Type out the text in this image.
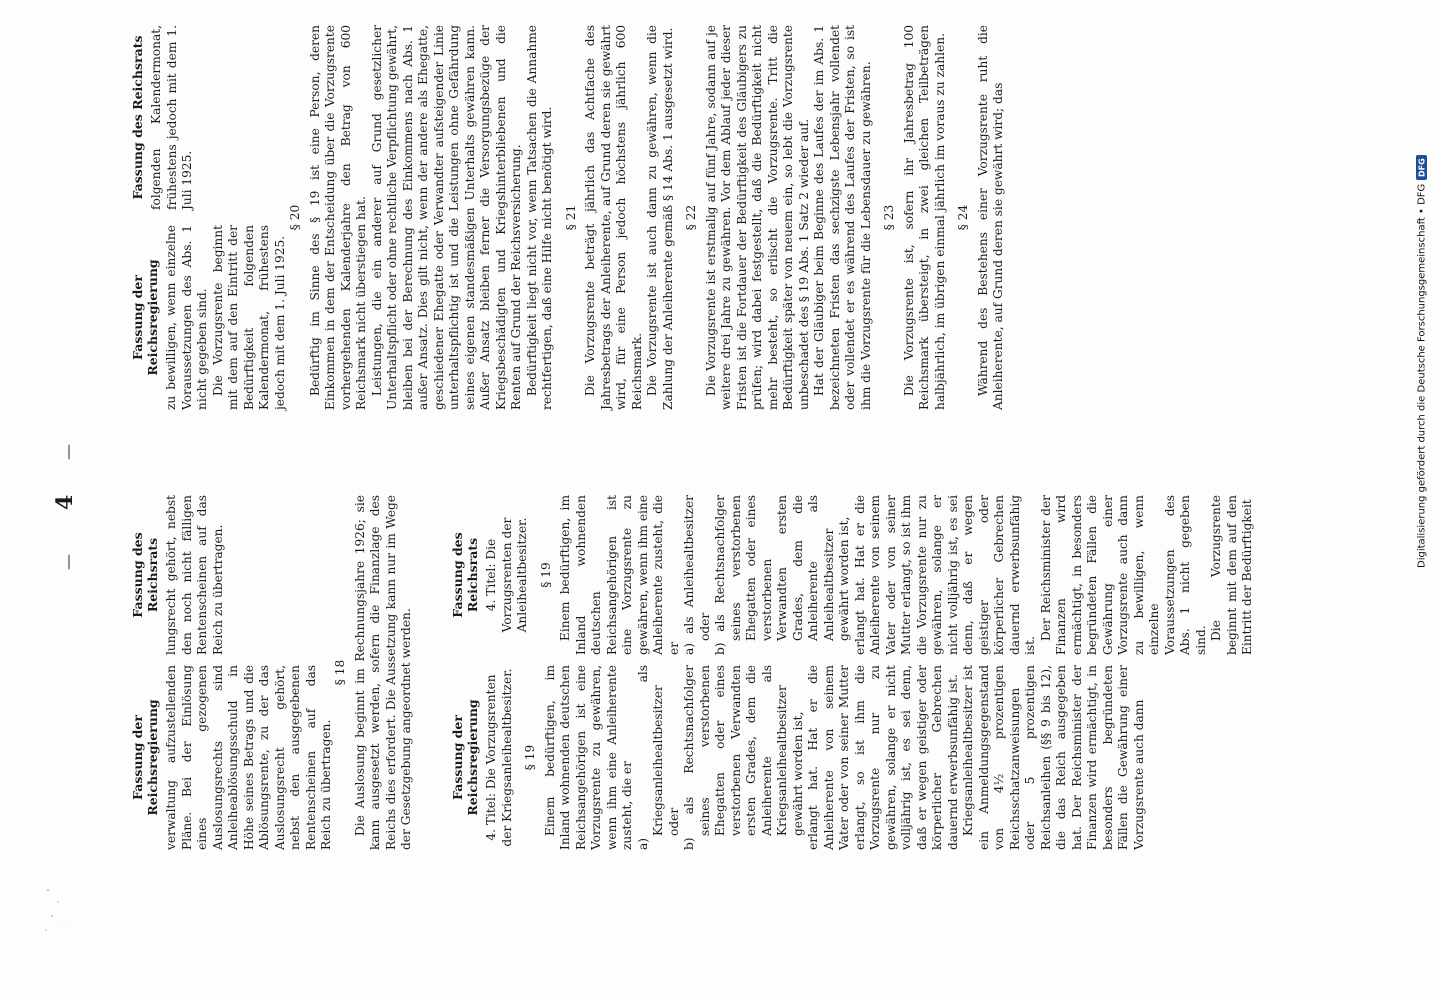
—
4
—
Fassung der Reichsregierung verwaltung aufzustellenden Pläne. Bei der Einlösung eines gezogenen Auslosungsrechts sind Anleiheablösungsschuld in Höhe seines Betrags und die Ablösungsrente, zu der das Auslosungsrecht gehört, nebst den ausgegebenen Rentenscheinen auf das Reich zu übertragen.

Fassung des Reichsrats lungsrecht gehört, nebst den noch nicht fälligen Rentenscheinen auf das Reich zu übertragen.

§ 18 Die Auslosung beginnt im Rechnungsjahre 1926; sie kann ausgesetzt werden, sofern die Finanzlage des Reichs dies erfordert. Die Aussetzung kann nur im Wege der Gesetzgebung angeordnet werden.	Fassung der Reichsregierung 4. Titel: Die Vorzugsrenten der Kriegsanleihealtbesitzer. § 19 Einem bedürftigen, im Inland wohnenden deutschen Reichsangehörigen ist eine Vorzugsrente zu gewähren, wenn ihm eine Anleiherente zusteht, die er a) als Kriegsanleihealtbesitzer oder b) als Rechtsnachfolger seines verstorbenen Ehegatten oder eines verstorbenen Verwandten ersten Grades, dem die Anleiherente als Kriegsanleihealtbesitzer gewährt worden ist, erlangt hat. Hat er die Anleiherente von seinem Vater oder von seiner Mutter erlangt, so ist ihm die Vorzugsrente nur zu gewähren, solange er nicht volljährig ist, es sei denn, daß er wegen geistiger oder körperlicher Gebrechen dauernd erwerbsunfähig ist. Kriegsanleihealtbesitzer ist ein Anmeldungsgegenstand von 4½ prozentigen Reichsschatzanweisungen oder 5 prozentigen Reichsanleihen (§§ 9 bis 12), die das Reich ausgegeben hat. Der Reichsminister der Finanzen wird ermächtigt, in besonders begründeten Fällen die Gewährung einer Vorzugsrente auch dann

Fassung des Reichsrats 4. Titel: Die Vorzugsrenten der Anleihealtbesitzer. § 19 Einem bedürftigen, im Inland wohnenden deutschen Reichsangehörigen ist eine Vorzugsrente zu gewähren, wenn ihm eine Anleiherente zusteht, die er a) als Anleihealtbesitzer oder b) als Rechtsnachfolger seines verstorbenen Ehegatten oder eines verstorbenen Verwandten ersten Grades, dem die Anleiherente als Anleihealtbesitzer gewährt worden ist, erlangt hat. Hat er die Anleiherente von seinem Vater oder von seiner Mutter erlangt, so ist ihm die Vorzugsrente nur zu gewähren, solange er nicht volljährig ist, es sei denn, daß er wegen geistiger oder körperlicher Gebrechen dauernd erwerbsunfähig ist.

Der Reichsminister der Finanzen wird ermächtigt, in besonders begründeten Fällen die Gewährung einer Vorzugsrente auch dann zu bewilligen, wenn einzelne Voraussetzungen des Abs. 1 nicht gegeben sind. Die Vorzugsrente beginnt mit dem auf den Eintritt der Bedürftigkeit

Fassung der Reichsregierung zu bewilligen, wenn einzelne Voraussetzungen des Abs. 1 nicht gegeben sind. Die Vorzugsrente beginnt mit dem auf den Eintritt der Bedürftigkeit folgenden Kalendermonat, frühestens jedoch mit dem 1. Juli 1925.

Fassung des Reichsrats folgenden Kalendermonat, frühestens jedoch mit dem 1. Juli 1925.

§ 20 Bedürftig im Sinne des § 19 ist eine Person, deren Einkommen in dem der Entscheidung über die Vorzugsrente vorhergehenden Kalenderjahre den Betrag von 600 Reichsmark nicht überstiegen hat. Leistungen, die ein anderer auf Grund gesetzlicher Unterhaltspflicht oder ohne rechtliche Verpflichtung gewährt, bleiben bei der Berechnung des Einkommens nach Abs. 1 außer Ansatz. Dies gilt nicht, wenn der andere als Ehegatte, geschiedener Ehegatte oder Verwandter aufsteigender Linie unterhaltspflichtig ist und die Leistungen ohne Gefährdung seines eigenen standesmäßigen Unterhalts gewähren kann. Außer Ansatz bleiben ferner die Versorgungsbezüge der Kriegsbeschädigten und Kriegshinterbliebenen und die Renten auf Grund der Reichsversicherung. Bedürftigkeit liegt nicht vor, wenn Tatsachen die Annahme rechtfertigen, daß eine Hilfe nicht benötigt wird. § 21 Die Vorzugsrente beträgt jährlich das Achtfache des Jahresbetrags der Anleiherente, auf Grund deren sie gewährt wird, für eine Person jedoch höchstens jährlich 600 Reichsmark. Die Vorzugsrente ist auch dann zu gewähren, wenn die Zahlung der Anleiherente gemäß § 14 Abs. 1 ausgesetzt wird. § 22 Die Vorzugsrente ist erstmalig auf fünf Jahre, sodann auf je weitere drei Jahre zu gewähren. Vor dem Ablauf jeder dieser Fristen ist die Fortdauer der Bedürftigkeit des Gläubigers zu prüfen; wird dabei festgestellt, daß die Bedürftigkeit nicht mehr besteht, so erlischt die Vorzugsrente. Tritt die Bedürftigkeit später von neuem ein, so lebt die Vorzugsrente unbeschadet des § 19 Abs. 1 Satz 2 wieder auf. Hat der Gläubiger beim Beginne des Laufes der im Abs. 1 bezeichneten Fristen das sechzigste Lebensjahr vollendet oder vollendet er es während des Laufes der Fristen, so ist ihm die Vorzugsrente für die Lebensdauer zu gewähren. § 23 Die Vorzugsrente ist, sofern ihr Jahresbetrag 100 Reichsmark übersteigt, in zwei gleichen Teilbeträgen halbjährlich, im übrigen einmal jährlich im voraus zu zahlen. § 24 Während des Bestehens einer Vorzugsrente ruht die Anleiherente, auf Grund deren sie gewährt wird; das	Digitalisierung gefördert durch die Deutsche Forschungsgemeinschaft • DFG
DFG
